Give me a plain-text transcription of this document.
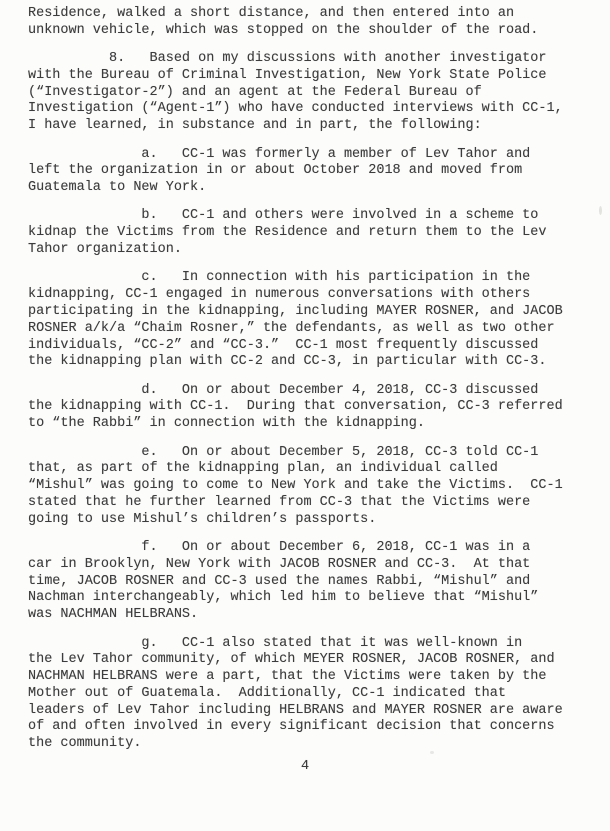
Residence, walked a short distance, and then entered into an
unknown vehicle, which was stopped on the shoulder of the road.
8.   Based on my discussions with another investigator
with the Bureau of Criminal Investigation, New York State Police
(“Investigator-2”) and an agent at the Federal Bureau of
Investigation (“Agent-1”) who have conducted interviews with CC-1,
I have learned, in substance and in part, the following:
a.   CC-1 was formerly a member of Lev Tahor and
left the organization in or about October 2018 and moved from
Guatemala to New York.
b.   CC-1 and others were involved in a scheme to
kidnap the Victims from the Residence and return them to the Lev
Tahor organization.
c.   In connection with his participation in the
kidnapping, CC-1 engaged in numerous conversations with others
participating in the kidnapping, including MAYER ROSNER, and JACOB
ROSNER a/k/a “Chaim Rosner,” the defendants, as well as two other
individuals, “CC-2” and “CC-3.”  CC-1 most frequently discussed
the kidnapping plan with CC-2 and CC-3, in particular with CC-3.
d.   On or about December 4, 2018, CC-3 discussed
the kidnapping with CC-1.  During that conversation, CC-3 referred
to “the Rabbi” in connection with the kidnapping.
e.   On or about December 5, 2018, CC-3 told CC-1
that, as part of the kidnapping plan, an individual called
“Mishul” was going to come to New York and take the Victims.  CC-1
stated that he further learned from CC-3 that the Victims were
going to use Mishul’s children’s passports.
f.   On or about December 6, 2018, CC-1 was in a
car in Brooklyn, New York with JACOB ROSNER and CC-3.  At that
time, JACOB ROSNER and CC-3 used the names Rabbi, “Mishul” and
Nachman interchangeably, which led him to believe that “Mishul”
was NACHMAN HELBRANS.
g.   CC-1 also stated that it was well-known in
the Lev Tahor community, of which MEYER ROSNER, JACOB ROSNER, and
NACHMAN HELBRANS were a part, that the Victims were taken by the
Mother out of Guatemala.  Additionally, CC-1 indicated that
leaders of Lev Tahor including HELBRANS and MAYER ROSNER are aware
of and often involved in every significant decision that concerns
the community.
4
